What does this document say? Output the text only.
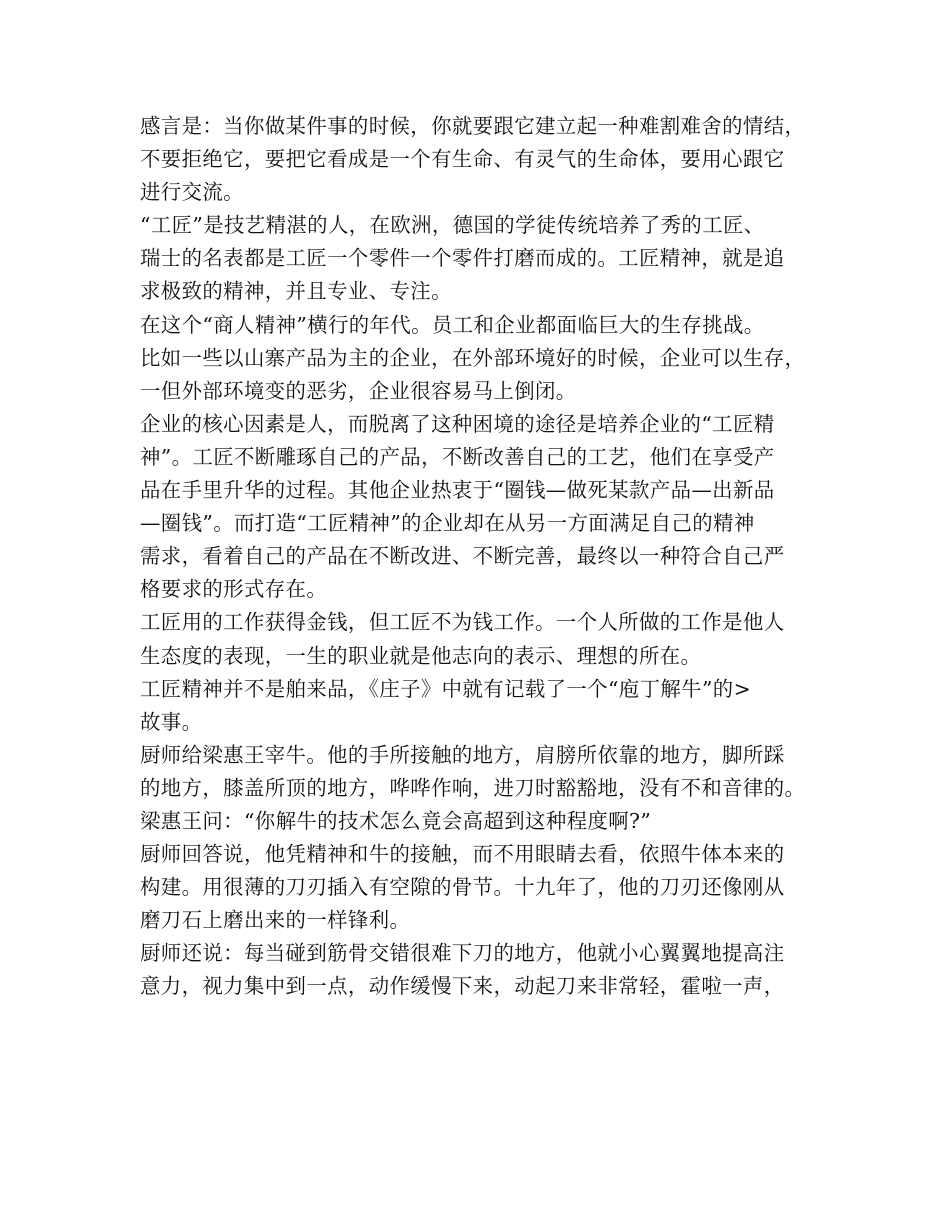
感言是：当你做某件事的时候，你就要跟它建立起一种难割难舍的情结，
不要拒绝它，要把它看成是一个有生命、有灵气的生命体，要用心跟它
进行交流。
“工匠”是技艺精湛的人，在欧洲，德国的学徒传统培养了秀的工匠、
瑞士的名表都是工匠一个零件一个零件打磨而成的。工匠精神，就是追
求极致的精神，并且专业、专注。
在这个“商人精神”横行的年代。员工和企业都面临巨大的生存挑战。
比如一些以山寨产品为主的企业，在外部环境好的时候，企业可以生存，
一但外部环境变的恶劣，企业很容易马上倒闭。
企业的核心因素是人，而脱离了这种困境的途径是培养企业的“工匠精
神”。工匠不断雕琢自己的产品，不断改善自己的工艺，他们在享受产
品在手里升华的过程。其他企业热衷于“圈钱—做死某款产品—出新品
—圈钱”。而打造“工匠精神”的企业却在从另一方面满足自己的精神
需求，看着自己的产品在不断改进、不断完善，最终以一种符合自己严
格要求的形式存在。
工匠用的工作获得金钱，但工匠不为钱工作。一个人所做的工作是他人
生态度的表现，一生的职业就是他志向的表示、理想的所在。
工匠精神并不是舶来品，《庄子》中就有记载了一个“庖丁解牛”的>
故事。
厨师给梁惠王宰牛。他的手所接触的地方，肩膀所依靠的地方，脚所踩
的地方，膝盖所顶的地方，哗哗作响，进刀时豁豁地，没有不和音律的。
梁惠王问：“你解牛的技术怎么竟会高超到这种程度啊?”
厨师回答说，他凭精神和牛的接触，而不用眼睛去看，依照牛体本来的
构建。用很薄的刀刃插入有空隙的骨节。十九年了，他的刀刃还像刚从
磨刀石上磨出来的一样锋利。
厨师还说：每当碰到筋骨交错很难下刀的地方，他就小心翼翼地提高注
意力，视力集中到一点，动作缓慢下来，动起刀来非常轻，霍啦一声，
